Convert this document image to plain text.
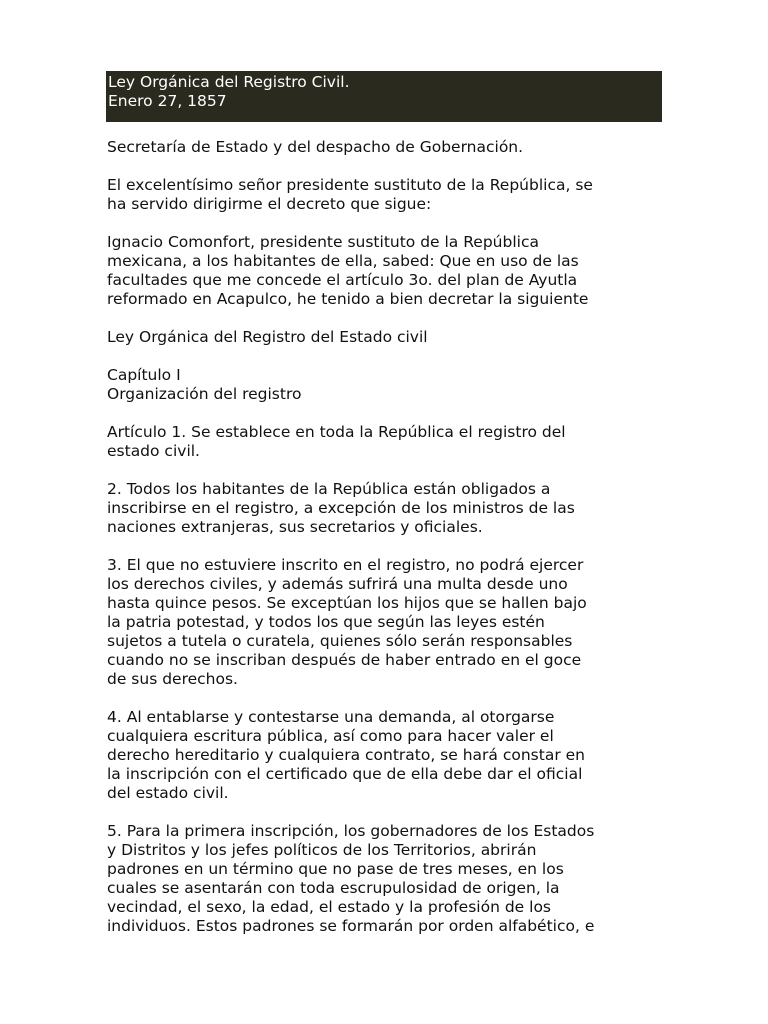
Ley Orgánica del Registro Civil.
Enero 27, 1857
Secretaría de Estado y del despacho de Gobernación.
El excelentísimo señor presidente sustituto de la República, se
ha servido dirigirme el decreto que sigue:
Ignacio Comonfort, presidente sustituto de la República
mexicana, a los habitantes de ella, sabed: Que en uso de las
facultades que me concede el artículo 3o. del plan de Ayutla
reformado en Acapulco, he tenido a bien decretar la siguiente
Ley Orgánica del Registro del Estado civil
Capítulo I
Organización del registro
Artículo 1. Se establece en toda la República el registro del
estado civil.
2. Todos los habitantes de la República están obligados a
inscribirse en el registro, a excepción de los ministros de las
naciones extranjeras, sus secretarios y oficiales.
3. El que no estuviere inscrito en el registro, no podrá ejercer
los derechos civiles, y además sufrirá una multa desde uno
hasta quince pesos. Se exceptúan los hijos que se hallen bajo
la patria potestad, y todos los que según las leyes estén
sujetos a tutela o curatela, quienes sólo serán responsables
cuando no se inscriban después de haber entrado en el goce
de sus derechos.
4. Al entablarse y contestarse una demanda, al otorgarse
cualquiera escritura pública, así como para hacer valer el
derecho hereditario y cualquiera contrato, se hará constar en
la inscripción con el certificado que de ella debe dar el oficial
del estado civil.
5. Para la primera inscripción, los gobernadores de los Estados
y Distritos y los jefes políticos de los Territorios, abrirán
padrones en un término que no pase de tres meses, en los
cuales se asentarán con toda escrupulosidad de origen, la
vecindad, el sexo, la edad, el estado y la profesión de los
individuos. Estos padrones se formarán por orden alfabético, e
